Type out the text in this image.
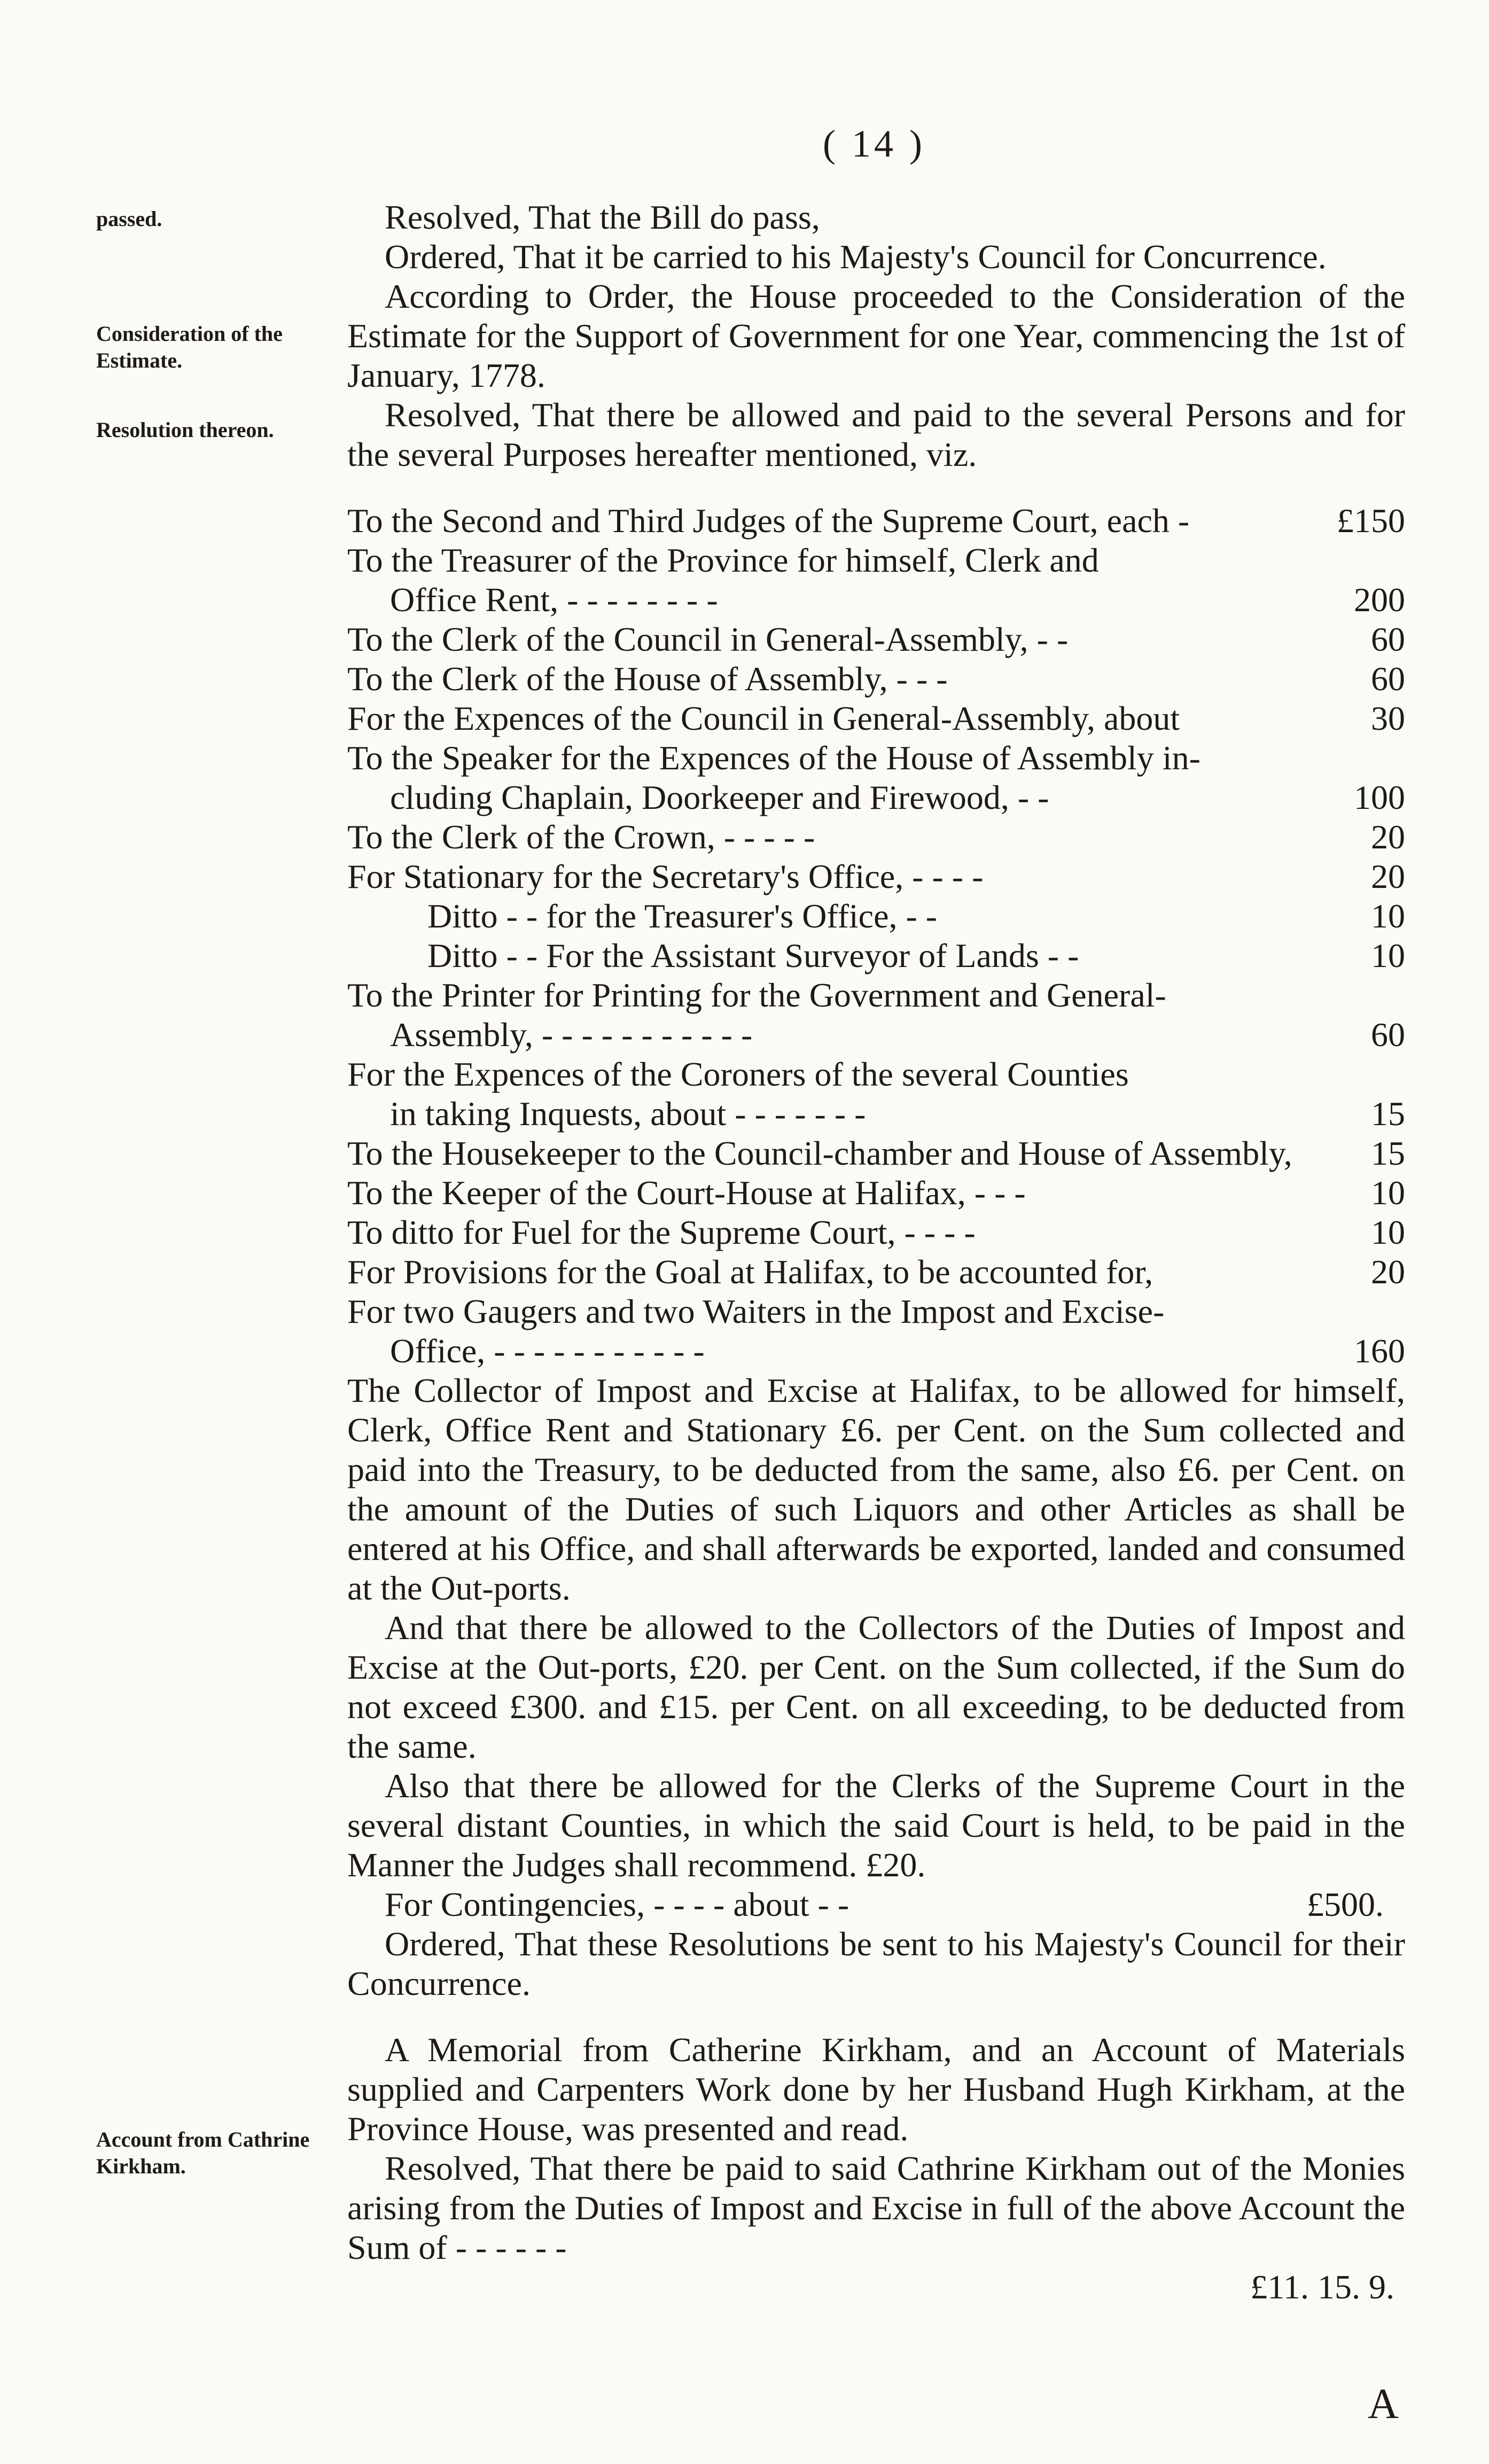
( 14 )
passed.
Consideration of the Estimate.
Resolution thereon.
Account from Cathrine Kirkham.

Resolved, That the Bill do pass,

Ordered, That it be carried to his Majesty's Council for Concurrence.

According to Order, the House proceeded to the Consideration of the Estimate for the Support of Government for one Year, commencing the 1st of January, 1778.

Resolved, That there be allowed and paid to the several Persons and for the several Purposes hereafter mentioned, viz.

To the Second and Third Judges of the Supreme Court, each -	£150
To the Treasurer of the Province for himself, Clerk and
Office Rent, - - - - - - - -	200
To the Clerk of the Council in General-Assembly, - -	60
To the Clerk of the House of Assembly, - - -	60
For the Expences of the Council in General-Assembly, about	30
To the Speaker for the Expences of the House of Assembly in-
cluding Chaplain, Doorkeeper and Firewood, - -	100
To the Clerk of the Crown, - - - - -	20
For Stationary for the Secretary's Office, - - - -	20
Ditto - - for the Treasurer's Office, - -	10
Ditto - - For the Assistant Surveyor of Lands - -	10
To the Printer for Printing for the Government and General-
Assembly, - - - - - - - - - - -	60
For the Expences of the Coroners of the several Counties
in taking Inquests, about - - - - - - -	15
To the Housekeeper to the Council-chamber and House of Assembly,	15
To the Keeper of the Court-House at Halifax, - - -	10
To ditto for Fuel for the Supreme Court, - - - -	10
For Provisions for the Goal at Halifax, to be accounted for,	20
For two Gaugers and two Waiters in the Impost and Excise-
Office, - - - - - - - - - - -	160

The Collector of Impost and Excise at Halifax, to be allowed for himself, Clerk, Office Rent and Stationary £6. per Cent. on the Sum collected and paid into the Treasury, to be deducted from the same, also £6. per Cent. on the amount of the Duties of such Liquors and other Articles as shall be entered at his Office, and shall afterwards be exported, landed and consumed at the Out-ports.

And that there be allowed to the Collectors of the Duties of Impost and Excise at the Out-ports, £20. per Cent. on the Sum collected, if the Sum do not exceed £300. and £15. per Cent. on all exceeding, to be deducted from the same.

Also that there be allowed for the Clerks of the Supreme Court in the several distant Counties, in which the said Court is held, to be paid in the Manner the Judges shall recommend. £20.

For Contingencies, - - - - about - -	£500.

Ordered, That these Resolutions be sent to his Majesty's Council for their Concurrence.

A Memorial from Catherine Kirkham, and an Account of Materials supplied and Carpenters Work done by her Husband Hugh Kirkham, at the Province House, was presented and read.

Resolved, That there be paid to said Cathrine Kirkham out of the Monies arising from the Duties of Impost and Excise in full of the above Account the Sum of - - - - - -

£11. 15. 9.
A
